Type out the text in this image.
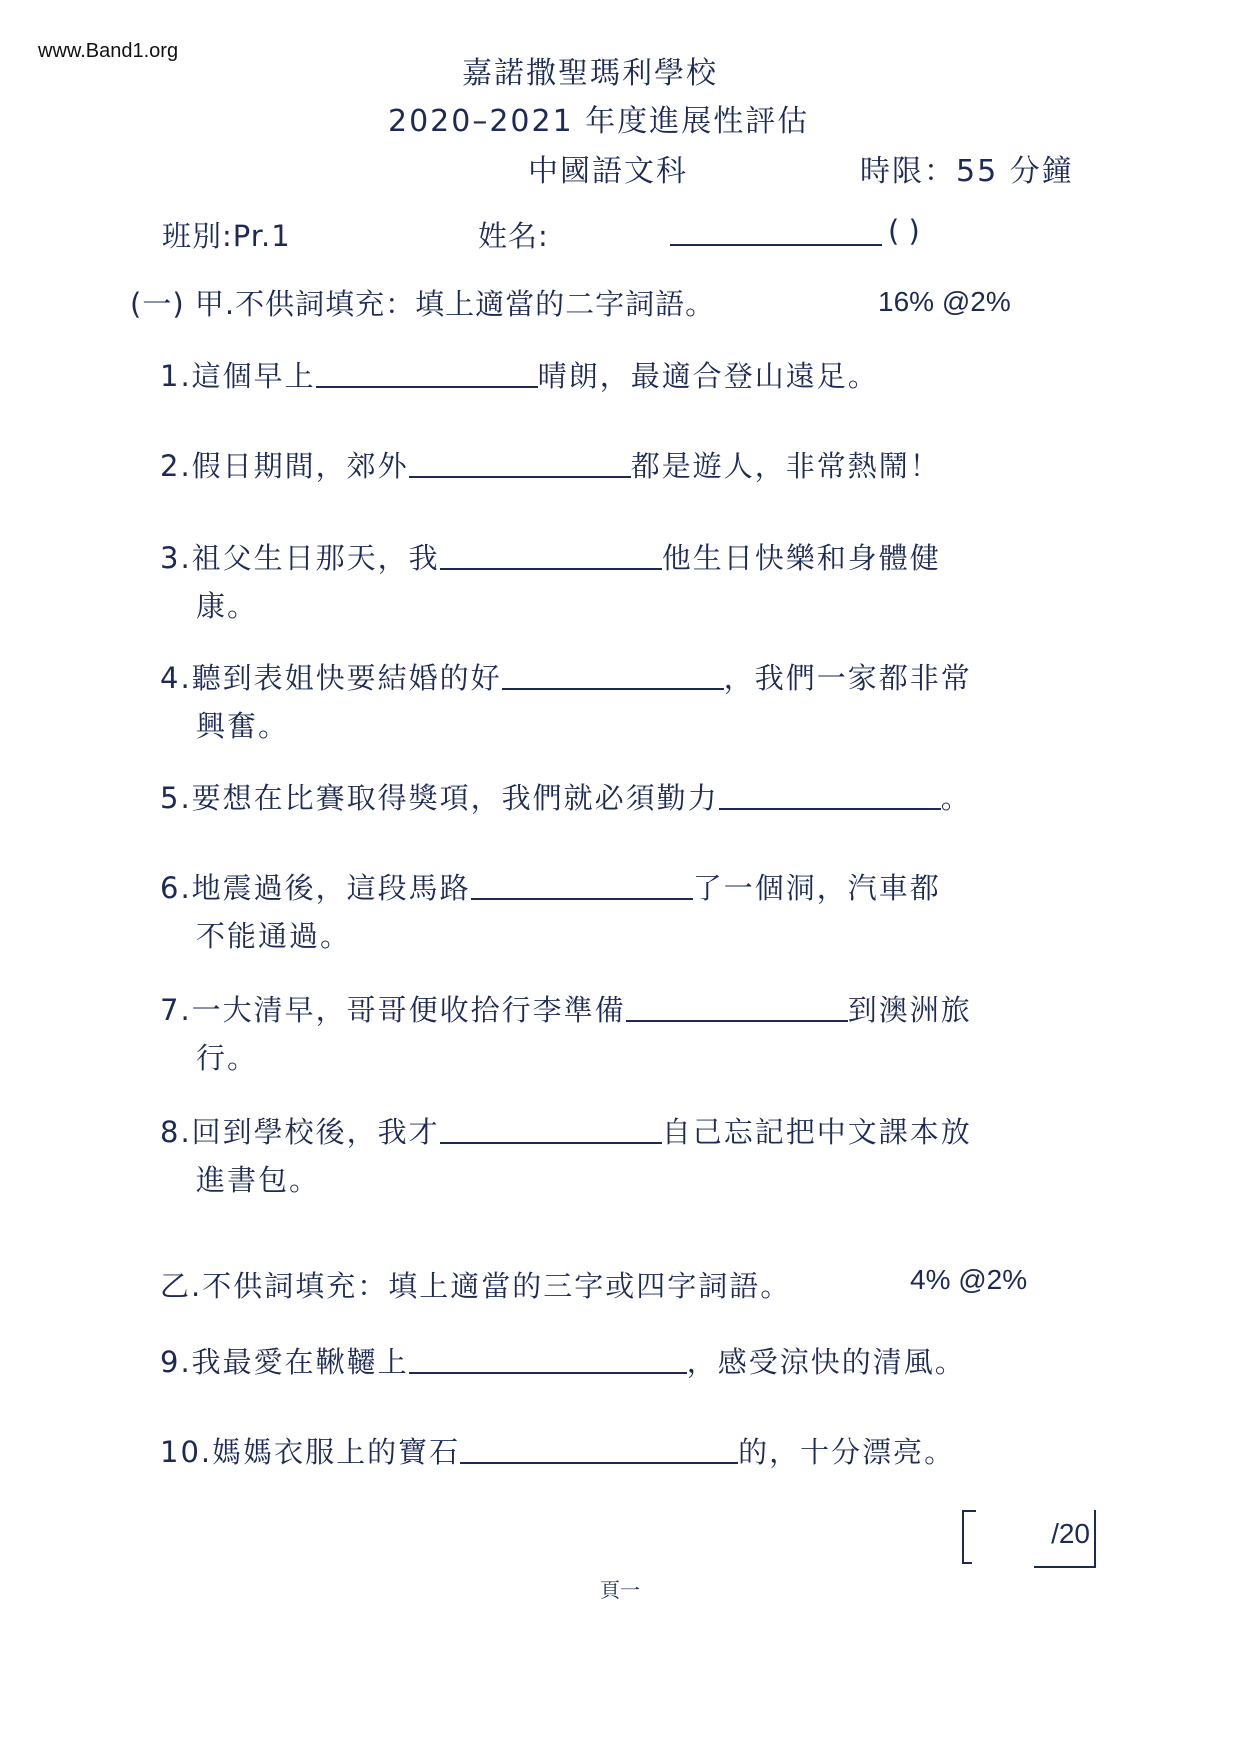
www.Band1.org
嘉諾撒聖瑪利學校
2020–2021 年度進展性評估
中國語文科	時限：55 分鐘
班別:Pr.1	姓名:	( )
(一) 甲.不供詞填充：填上適當的二字詞語。	16% @2%
1.這個早上	晴朗，最適合登山遠足。
2.假日期間，郊外	都是遊人，非常熱鬧！
3.祖父生日那天，我	他生日快樂和身體健
康。
4.聽到表姐快要結婚的好	，我們一家都非常
興奮。
5.要想在比賽取得獎項，我們就必須勤力	。
6.地震過後，這段馬路	了一個洞，汽車都
不能通過。
7.一大清早，哥哥便收拾行李準備	到澳洲旅
行。
8.回到學校後，我才	自己忘記把中文課本放
進書包。
乙.不供詞填充：填上適當的三字或四字詞語。	4% @2%
9.我最愛在鞦韆上	，感受涼快的清風。
10.媽媽衣服上的寶石	的，十分漂亮。
/20
頁一
